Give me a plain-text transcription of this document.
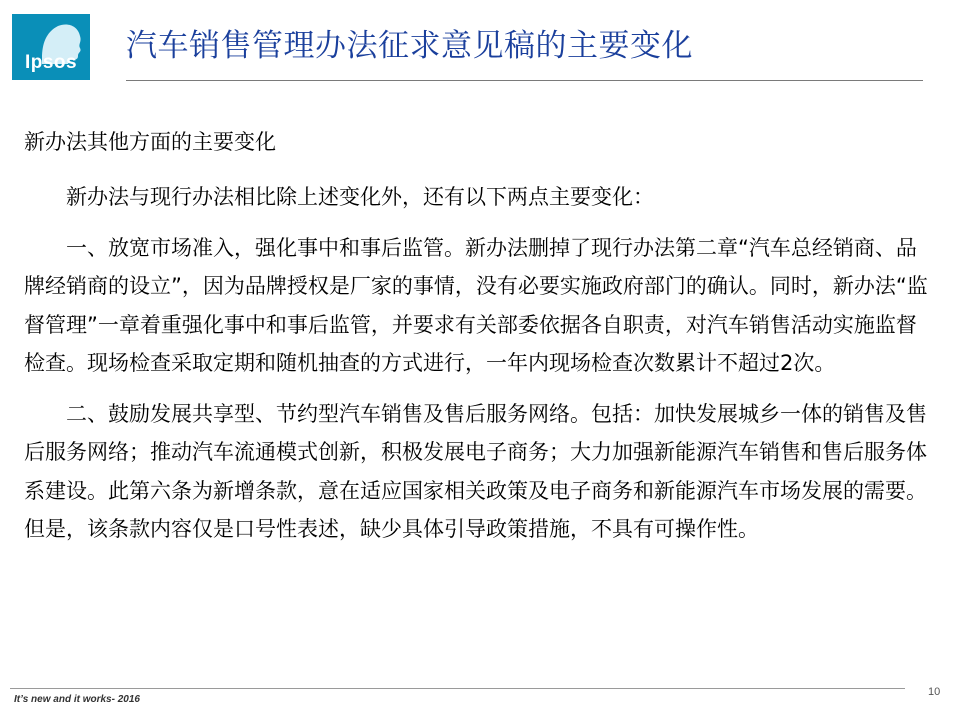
Ipsos	汽车销售管理办法征求意见稿的主要变化
新办法其他方面的主要变化

新办法与现行办法相比除上述变化外，还有以下两点主要变化：

一、放宽市场准入，强化事中和事后监管。新办法删掉了现行办法第二章“汽车总经销商、品牌经销商的设立”，因为品牌授权是厂家的事情，没有必要实施政府部门的确认。同时，新办法“监督管理”一章着重强化事中和事后监管，并要求有关部委依据各自职责，对汽车销售活动实施监督检查。现场检查采取定期和随机抽查的方式进行，一年内现场检查次数累计不超过2次。

二、鼓励发展共享型、节约型汽车销售及售后服务网络。包括：加快发展城乡一体的销售及售后服务网络；推动汽车流通模式创新，积极发展电子商务；大力加强新能源汽车销售和售后服务体系建设。此第六条为新增条款，意在适应国家相关政策及电子商务和新能源汽车市场发展的需要。但是，该条款内容仅是口号性表述，缺少具体引导政策措施，不具有可操作性。

It’s new and it works- 2016
10
